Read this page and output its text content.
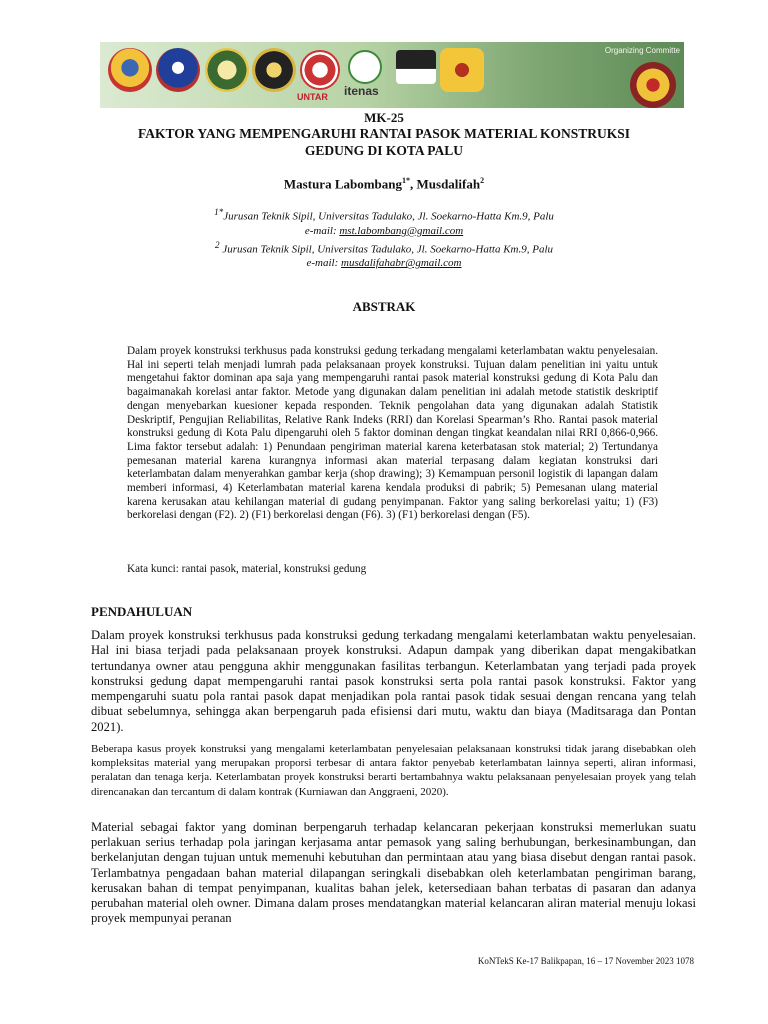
UNTAR itenas
Organizing Committe
MK-25
FAKTOR YANG MEMPENGARUHI RANTAI PASOK MATERIAL KONSTRUKSI
GEDUNG DI KOTA PALU
Mastura Labombang$^{1*}$, Musdalifah$^2$
$^{1*}$Jurusan Teknik Sipil, Universitas Tadulako, Jl. Soekarno-Hatta Km.9, Palu
e-mail: mst.labombang@gmail.com
$^2$ Jurusan Teknik Sipil, Universitas Tadulako, Jl. Soekarno-Hatta Km.9, Palu
e-mail: musdalifahabr@gmail.com
ABSTRAK
Dalam proyek konstruksi terkhusus pada konstruksi gedung terkadang mengalami keterlambatan waktu penyelesaian. Hal ini seperti telah menjadi lumrah pada pelaksanaan proyek konstruksi. Tujuan dalam penelitian ini yaitu untuk mengetahui faktor dominan apa saja yang mempengaruhi rantai pasok material konstruksi gedung di Kota Palu dan bagaimanakah korelasi antar faktor. Metode yang digunakan dalam penelitian ini adalah metode statistik deskriptif dengan menyebarkan kuesioner kepada responden. Teknik pengolahan data yang digunakan adalah Statistik Deskriptif, Pengujian Reliabilitas, Relative Rank Indeks (RRI) dan Korelasi Spearman’s Rho. Rantai pasok material konstruksi gedung di Kota Palu dipengaruhi oleh 5 faktor dominan dengan tingkat keandalan nilai RRI 0,866-0,966. Lima faktor tersebut adalah: 1) Penundaan pengiriman material karena keterbatasan stok material; 2) Tertundanya pemesanan material karena kurangnya informasi akan material terpasang dalam kegiatan konstruksi dari keterlambatan dalam menyerahkan gambar kerja (shop drawing); 3) Kemampuan personil logistik di lapangan dalam memberi informasi, 4) Keterlambatan material karena kendala produksi di pabrik; 5) Pemesanan ulang material karena kerusakan atau kehilangan material di gudang penyimpanan. Faktor yang saling berkorelasi yaitu; 1) (F3) berkorelasi dengan (F2). 2) (F1) berkorelasi dengan (F6). 3) (F1) berkorelasi dengan (F5).
Kata kunci: rantai pasok, material, konstruksi gedung
PENDAHULUAN
Dalam proyek konstruksi terkhusus pada konstruksi gedung terkadang mengalami keterlambatan waktu penyelesaian. Hal ini biasa terjadi pada pelaksanaan proyek konstruksi. Adapun dampak yang diberikan dapat mengakibatkan tertundanya owner atau pengguna akhir menggunakan fasilitas terbangun. Keterlambatan yang terjadi pada proyek konstruksi gedung dapat mempengaruhi rantai pasok konstruksi serta pola rantai pasok konstruksi. Faktor yang mempengaruhi suatu pola rantai pasok dapat menjadikan pola rantai pasok tidak sesuai dengan rencana yang telah dibuat sebelumnya, sehingga akan berpengaruh pada efisiensi dari mutu, waktu dan biaya (Maditsaraga dan Pontan 2021).
Beberapa kasus proyek konstruksi yang mengalami keterlambatan penyelesaian pelaksanaan konstruksi tidak jarang disebabkan oleh kompleksitas material yang merupakan proporsi terbesar di antara faktor penyebab keterlambatan lainnya seperti, aliran informasi, peralatan dan tenaga kerja. Keterlambatan proyek konstruksi berarti bertambahnya waktu pelaksanaan penyelesaian proyek yang telah direncanakan dan tercantum di dalam kontrak (Kurniawan dan Anggraeni, 2020).
Material sebagai faktor yang dominan berpengaruh terhadap kelancaran pekerjaan konstruksi memerlukan suatu perlakuan serius terhadap pola jaringan kerjasama antar pemasok yang saling berhubungan, berkesinambungan, dan berkelanjutan dengan tujuan untuk memenuhi kebutuhan dan permintaan atau yang biasa disebut dengan rantai pasok. Terlambatnya pengadaan bahan material dilapangan seringkali disebabkan oleh keterlambatan pengiriman barang, kerusakan bahan di tempat penyimpanan, kualitas bahan jelek, ketersediaan bahan terbatas di pasaran dan adanya perubahan material oleh owner. Dimana dalam proses mendatangkan material kelancaran aliran material menuju lokasi proyek mempunyai peranan
KoNTekS Ke-17 Balikpapan, 16 – 17 November 2023 1078
